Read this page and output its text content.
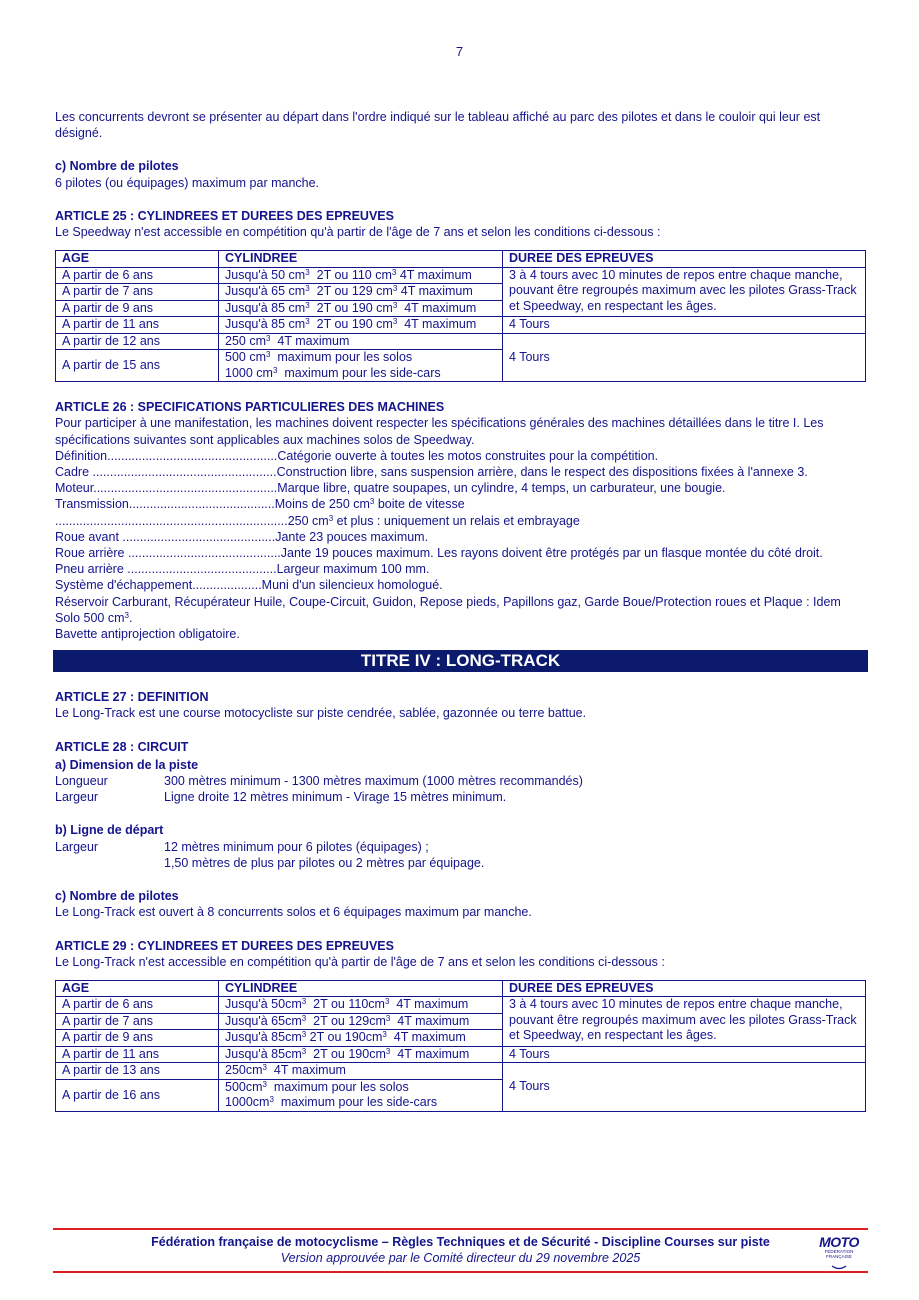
7

Les concurrents devront se présenter au départ dans l'ordre indiqué sur le tableau affiché au parc des pilotes et dans le couloir qui leur est désigné.

c) Nombre de pilotes

6 pilotes (ou équipages) maximum par manche.

ARTICLE 25 : CYLINDREES ET DUREES DES EPREUVES

Le Speedway n'est accessible en compétition qu'à partir de l'âge de 7 ans et selon les conditions ci-dessous :

AGE	CYLINDREE	DUREE DES EPREUVES
A partir de 6 ans	Jusqu'à 50 $cm^3$  2T ou 110 $cm^3$ 4T maximum	3 à 4 tours avec 10 minutes de repos entre chaque manche, pouvant être regroupés maximum avec les pilotes Grass-Track et Speedway, en respectant les âges.
A partir de 7 ans	Jusqu'à 65 $cm^3$  2T ou 129 $cm^3$ 4T maximum	
A partir de 9 ans	Jusqu'à 85 $cm^3$  2T ou 190 $cm^3$  4T maximum	
A partir de 11 ans	Jusqu'à 85 $cm^3$  2T ou 190 $cm^3$  4T maximum	4 Tours
A partir de 12 ans	250 $cm^3$  4T maximum	4 Tours
A partir de 15 ans	500 $cm^3$  maximum pour les solos
1000 $cm^3$  maximum pour les side-cars	

ARTICLE 26 : SPECIFICATIONS PARTICULIERES DES MACHINES

Pour participer à une manifestation, les machines doivent respecter les spécifications générales des machines détaillées dans le titre I. Les spécifications suivantes sont applicables aux machines solos de Speedway.

Définition.................................................Catégorie ouverte à toutes les motos construites pour la compétition.
Cadre .....................................................Construction libre, sans suspension arrière, dans le respect des dispositions fixées à l'annexe 3.
Moteur.....................................................Marque libre, quatre soupapes, un cylindre, 4 temps, un carburateur, une bougie.
Transmission..........................................Moins de 250 $cm^3$ boite de vitesse
...................................................................250 $cm^3$ et plus : uniquement un relais et embrayage
Roue avant ............................................Jante 23 pouces maximum.
Roue arrière ............................................Jante 19 pouces maximum. Les rayons doivent être protégés par un flasque montée du côté droit.
Pneu arrière ...........................................Largeur maximum 100 mm.
Système d'échappement....................Muni d'un silencieux homologué.

Réservoir Carburant, Récupérateur Huile, Coupe-Circuit, Guidon, Repose pieds, Papillons gaz, Garde Boue/Protection roues et Plaque : Idem Solo 500 $cm^3$.

Bavette antiprojection obligatoire.

TITRE IV : LONG-TRACK

ARTICLE 27 : DEFINITION

Le Long-Track est une course motocycliste sur piste cendrée, sablée, gazonnée ou terre battue.

ARTICLE 28 : CIRCUIT

a) Dimension de la piste

Longueur	300 mètres minimum - 1300 mètres maximum (1000 mètres recommandés)
Largeur	Ligne droite 12 mètres minimum - Virage 15 mètres minimum.

b) Ligne de départ

Largeur	12 mètres minimum pour 6 pilotes (équipages) ;
1,50 mètres de plus par pilotes ou 2 mètres par équipage.

c) Nombre de pilotes

Le Long-Track est ouvert à 8 concurrents solos et 6 équipages maximum par manche.

ARTICLE 29 : CYLINDREES ET DUREES DES EPREUVES

Le Long-Track n'est accessible en compétition qu'à partir de l'âge de 7 ans et selon les conditions ci-dessous :

AGE	CYLINDREE	DUREE DES EPREUVES
A partir de 6 ans	Jusqu'à $50cm^3$  2T ou $110cm^3$  4T maximum	3 à 4 tours avec 10 minutes de repos entre chaque manche, pouvant être regroupés maximum avec les pilotes Grass-Track et Speedway, en respectant les âges.
A partir de 7 ans	Jusqu'à $65cm^3$  2T ou $129cm^3$  4T maximum	
A partir de 9 ans	Jusqu'à $85cm^3$ 2T ou $190cm^3$  4T maximum	
A partir de 11 ans	Jusqu'à $85cm^3$  2T ou $190cm^3$  4T maximum	4 Tours
A partir de 13 ans	$250cm^3$  4T maximum	4 Tours
A partir de 16 ans	$500cm^3$  maximum pour les solos
$1000cm^3$  maximum pour les side-cars	
Fédération française de motocyclisme – Règles Techniques et de Sécurité - Discipline Courses sur piste
Version approuvée par le Comité directeur du 29 novembre 2025
MOTO
FÉDÉRATION FRANÇAISE
